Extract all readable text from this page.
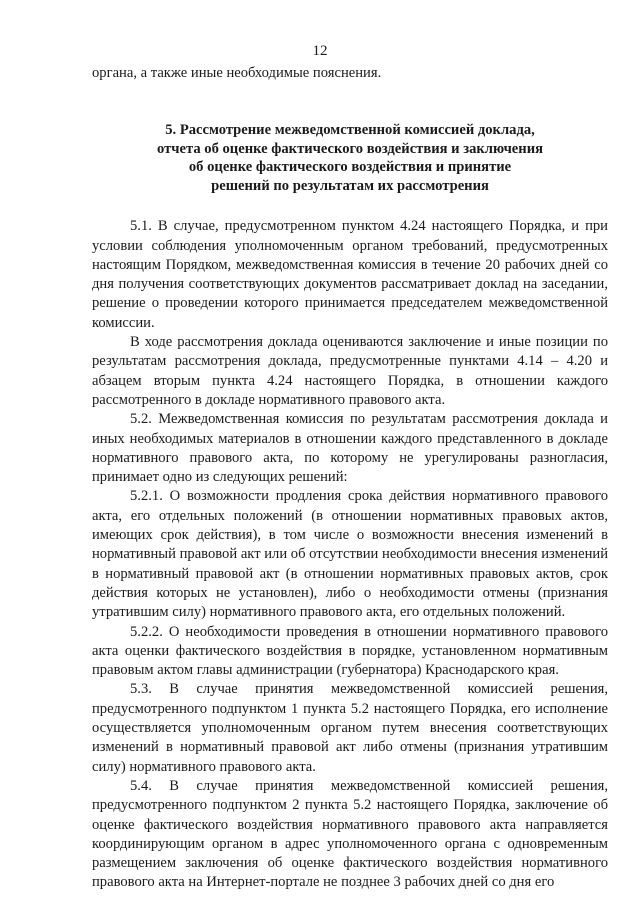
12

органа, а также иные необходимые пояснения.

5. Рассмотрение межведомственной комиссией доклада,
отчета об оценке фактического воздействия и заключения
об оценке фактического воздействия и принятие
решений по результатам их рассмотрения

5.1. В случае, предусмотренном пунктом 4.24 настоящего Порядка, и при условии соблюдения уполномоченным органом требований, предусмотренных настоящим Порядком, межведомственная комиссия в течение 20 рабочих дней со дня получения соответствующих документов рассматривает доклад на заседании, решение о проведении которого принимается председателем межведомственной комиссии.

В ходе рассмотрения доклада оцениваются заключение и иные позиции по результатам рассмотрения доклада, предусмотренные пунктами 4.14 – 4.20 и абзацем вторым пункта 4.24 настоящего Порядка, в отношении каждого рассмотренного в докладе нормативного правового акта.

5.2. Межведомственная комиссия по результатам рассмотрения доклада и иных необходимых материалов в отношении каждого представленного в докладе нормативного правового акта, по которому не урегулированы разногласия, принимает одно из следующих решений:

5.2.1. О возможности продления срока действия нормативного правового акта, его отдельных положений (в отношении нормативных правовых актов, имеющих срок действия), в том числе о возможности внесения изменений в нормативный правовой акт или об отсутствии необходимости внесения изменений в нормативный правовой акт (в отношении нормативных правовых актов, срок действия которых не установлен), либо о необходимости отмены (признания утратившим силу) нормативного правового акта, его отдельных положений.

5.2.2. О необходимости проведения в отношении нормативного правового акта оценки фактического воздействия в порядке, установленном нормативным правовым актом главы администрации (губернатора) Краснодарского края.

5.3. В случае принятия межведомственной комиссией решения, предусмотренного подпунктом 1 пункта 5.2 настоящего Порядка, его исполнение осуществляется уполномоченным органом путем внесения соответствующих изменений в нормативный правовой акт либо отмены (признания утратившим силу) нормативного правового акта.

5.4. В случае принятия межведомственной комиссией решения, предусмотренного подпунктом 2 пункта 5.2 настоящего Порядка, заключение об оценке фактического воздействия нормативного правового акта направляется координирующим органом в адрес уполномоченного органа с одновременным размещением заключения об оценке фактического воздействия нормативного правового акта на Интернет-портале не позднее 3 рабочих дней со дня его
